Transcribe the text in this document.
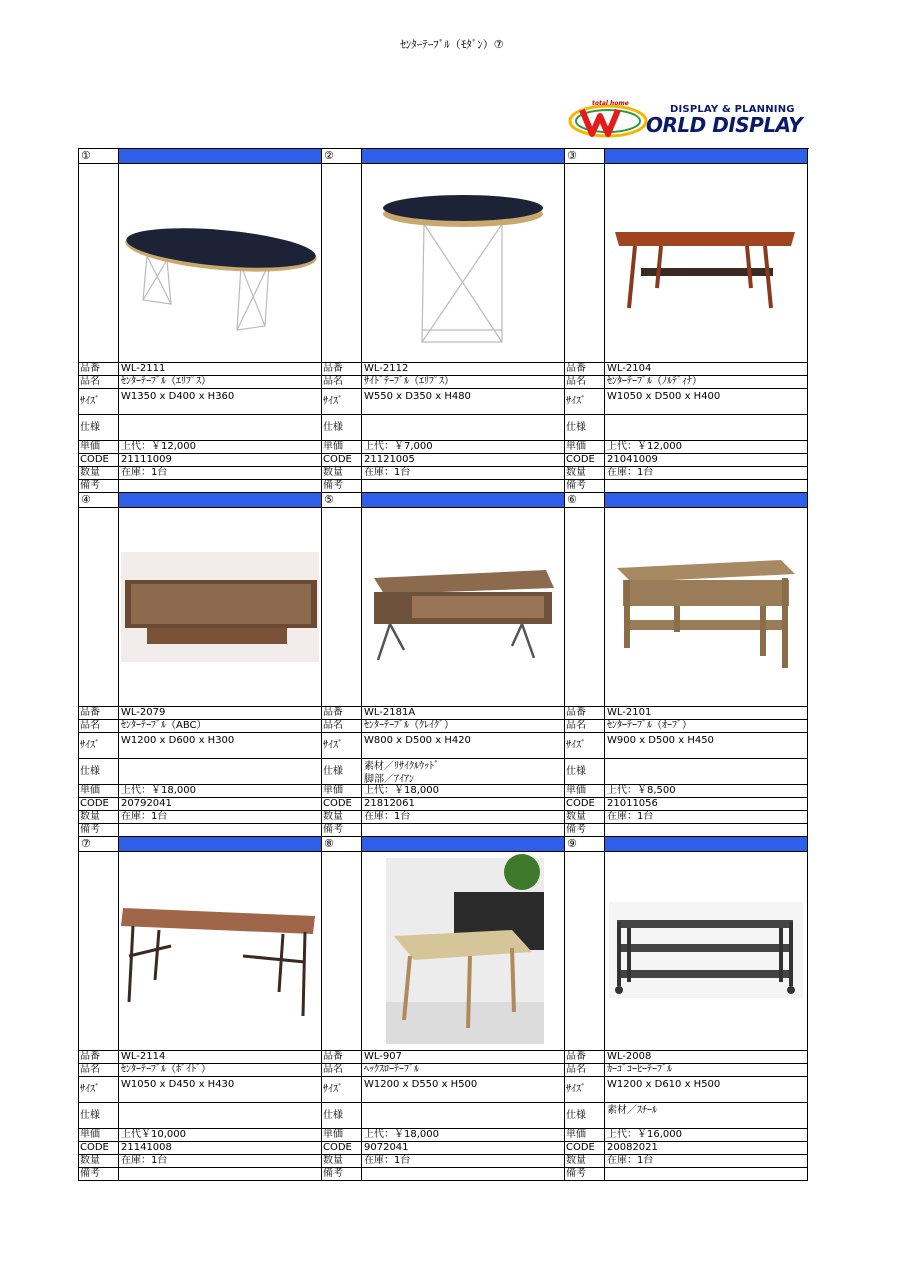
ｾﾝﾀｰﾃｰﾌﾞﾙ（ﾓﾀﾞﾝ）⑦
total home
DISPLAY & PLANNING
ORLD DISPLAY
①
品番	WL-2111
品名	ｾﾝﾀｰﾃｰﾌﾞﾙ（ｴﾘﾌﾟｽ）
ｻｲｽﾞ	W1350 x D400 x H360
仕様
単価	上代：￥12,000
CODE	21111009
数量	在庫：1台
備考
②
品番	WL-2112
品名	ｻｲﾄﾞﾃｰﾌﾞﾙ（ｴﾘﾌﾟｽ）
ｻｲｽﾞ	W550 x D350 x H480
仕様
単価	上代：￥7,000
CODE	21121005
数量	在庫：1台
備考
③
品番	WL-2104
品名	ｾﾝﾀｰﾃｰﾌﾞﾙ（ﾉﾙﾃﾞｨﾅ）
ｻｲｽﾞ	W1050 x D500 x H400
仕様
単価	上代：￥12,000
CODE	21041009
数量	在庫：1台
備考
④
品番	WL-2079
品名	ｾﾝﾀｰﾃｰﾌﾞﾙ（ABC）
ｻｲｽﾞ	W1200 x D600 x H300
仕様
単価	上代：￥18,000
CODE	20792041
数量	在庫：1台
備考
⑤
品番	WL-2181A
品名	ｾﾝﾀｰﾃｰﾌﾞﾙ（ｸﾚｲｸﾞ）
ｻｲｽﾞ	W800 x D500 x H420
仕様	素材／ﾘｻｲｸﾙｳｯﾄﾞ
脚部／ｱｲｱﾝ
単価	上代：￥18,000
CODE	21812061
数量	在庫：1台
備考
⑥
品番	WL-2101
品名	ｾﾝﾀｰﾃｰﾌﾞﾙ（ｵｰﾌﾞ）
ｻｲｽﾞ	W900 x D500 x H450
仕様
単価	上代：￥8,500
CODE	21011056
数量	在庫：1台
備考
⑦
品番	WL-2114
品名	ｾﾝﾀｰﾃｰﾌﾞﾙ（ﾎﾞｲﾄﾞ）
ｻｲｽﾞ	W1050 x D450 x H430
仕様
単価	上代￥10,000
CODE	21141008
数量	在庫：1台
備考
⑧
品番	WL-907
品名	ﾍｯｸｽﾛｰﾃｰﾌﾞﾙ
ｻｲｽﾞ	W1200 x D550 x H500
仕様
単価	上代：￥18,000
CODE	9072041
数量	在庫：1台
備考
⑨
品番	WL-2008
品名	ｶｰｺﾞｺｰﾋｰﾃｰﾌﾞﾙ
ｻｲｽﾞ	W1200 x D610 x H500
仕様	素材／ｽﾁｰﾙ
単価	上代：￥16,000
CODE	20082021
数量	在庫：1台
備考
